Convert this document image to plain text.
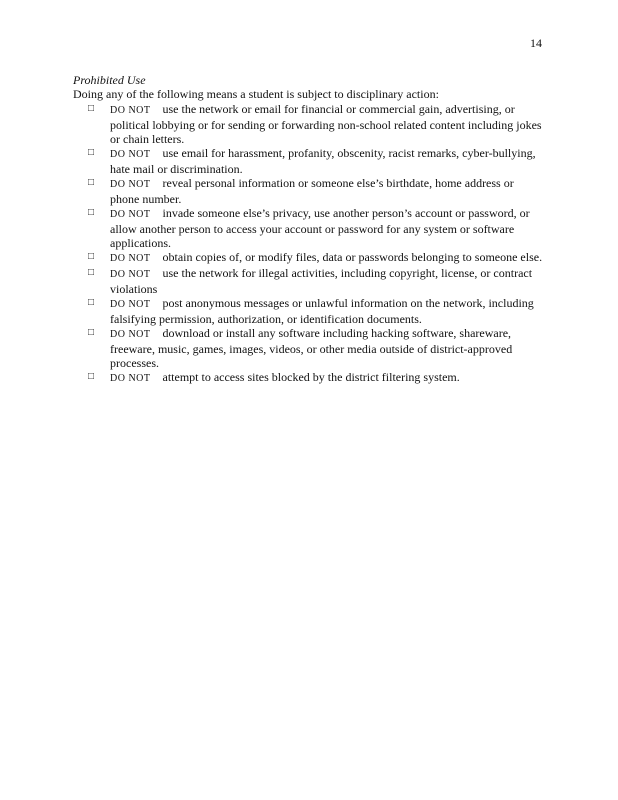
14

Prohibited Use

Doing any of the following means a student is subject to disciplinary action:

□ DO NOT use the network or email for financial or commercial gain, advertising, or political lobbying or for sending or forwarding non-school related content including jokes or chain letters.
□ DO NOT use email for harassment, profanity, obscenity, racist remarks, cyber-bullying, hate mail or discrimination.
□ DO NOT reveal personal information or someone else’s birthdate, home address or phone number.
□ DO NOT invade someone else’s privacy, use another person’s account or password, or allow another person to access your account or password for any system or software applications.
□ DO NOT obtain copies of, or modify files, data or passwords belonging to someone else.
□ DO NOT use the network for illegal activities, including copyright, license, or contract violations
□ DO NOT post anonymous messages or unlawful information on the network, including falsifying permission, authorization, or identification documents.
□ DO NOT download or install any software including hacking software, shareware, freeware, music, games, images, videos, or other media outside of district-approved processes.
□ DO NOT attempt to access sites blocked by the district filtering system.
